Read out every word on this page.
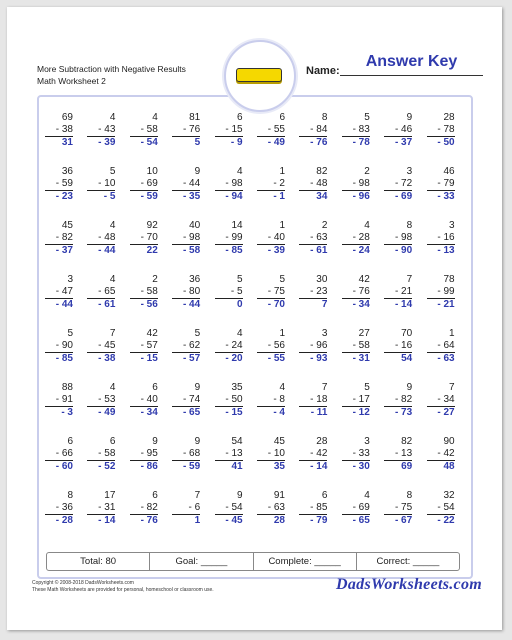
More Subtraction with Negative Results
Math Worksheet 2
Name:
Answer Key
69
- 38
31
4
- 43
- 39
4
- 58
- 54
81
- 76
5
6
- 15
- 9
6
- 55
- 49
8
- 84
- 76
5
- 83
- 78
9
- 46
- 37
28
- 78
- 50
36
- 59
- 23
5
- 10
- 5
10
- 69
- 59
9
- 44
- 35
4
- 98
- 94
1
- 2
- 1
82
- 48
34
2
- 98
- 96
3
- 72
- 69
46
- 79
- 33
45
- 82
- 37
4
- 48
- 44
92
- 70
22
40
- 98
- 58
14
- 99
- 85
1
- 40
- 39
2
- 63
- 61
4
- 28
- 24
8
- 98
- 90
3
- 16
- 13
3
- 47
- 44
4
- 65
- 61
2
- 58
- 56
36
- 80
- 44
5
- 5
0
5
- 75
- 70
30
- 23
7
42
- 76
- 34
7
- 21
- 14
78
- 99
- 21
5
- 90
- 85
7
- 45
- 38
42
- 57
- 15
5
- 62
- 57
4
- 24
- 20
1
- 56
- 55
3
- 96
- 93
27
- 58
- 31
70
- 16
54
1
- 64
- 63
88
- 91
- 3
4
- 53
- 49
6
- 40
- 34
9
- 74
- 65
35
- 50
- 15
4
- 8
- 4
7
- 18
- 11
5
- 17
- 12
9
- 82
- 73
7
- 34
- 27
6
- 66
- 60
6
- 58
- 52
9
- 95
- 86
9
- 68
- 59
54
- 13
41
45
- 10
35
28
- 42
- 14
3
- 33
- 30
82
- 13
69
90
- 42
48
8
- 36
- 28
17
- 31
- 14
6
- 82
- 76
7
- 6
1
9
- 54
- 45
91
- 63
28
6
- 85
- 79
4
- 69
- 65
8
- 75
- 67
32
- 54
- 22
Total: 80	Goal: _____	Complete: _____	Correct: _____
Copyright © 2008-2018 DadsWorksheets.com
These Math Worksheets are provided for personal, homeschool or classroom use.	DadsWorksheets.com
